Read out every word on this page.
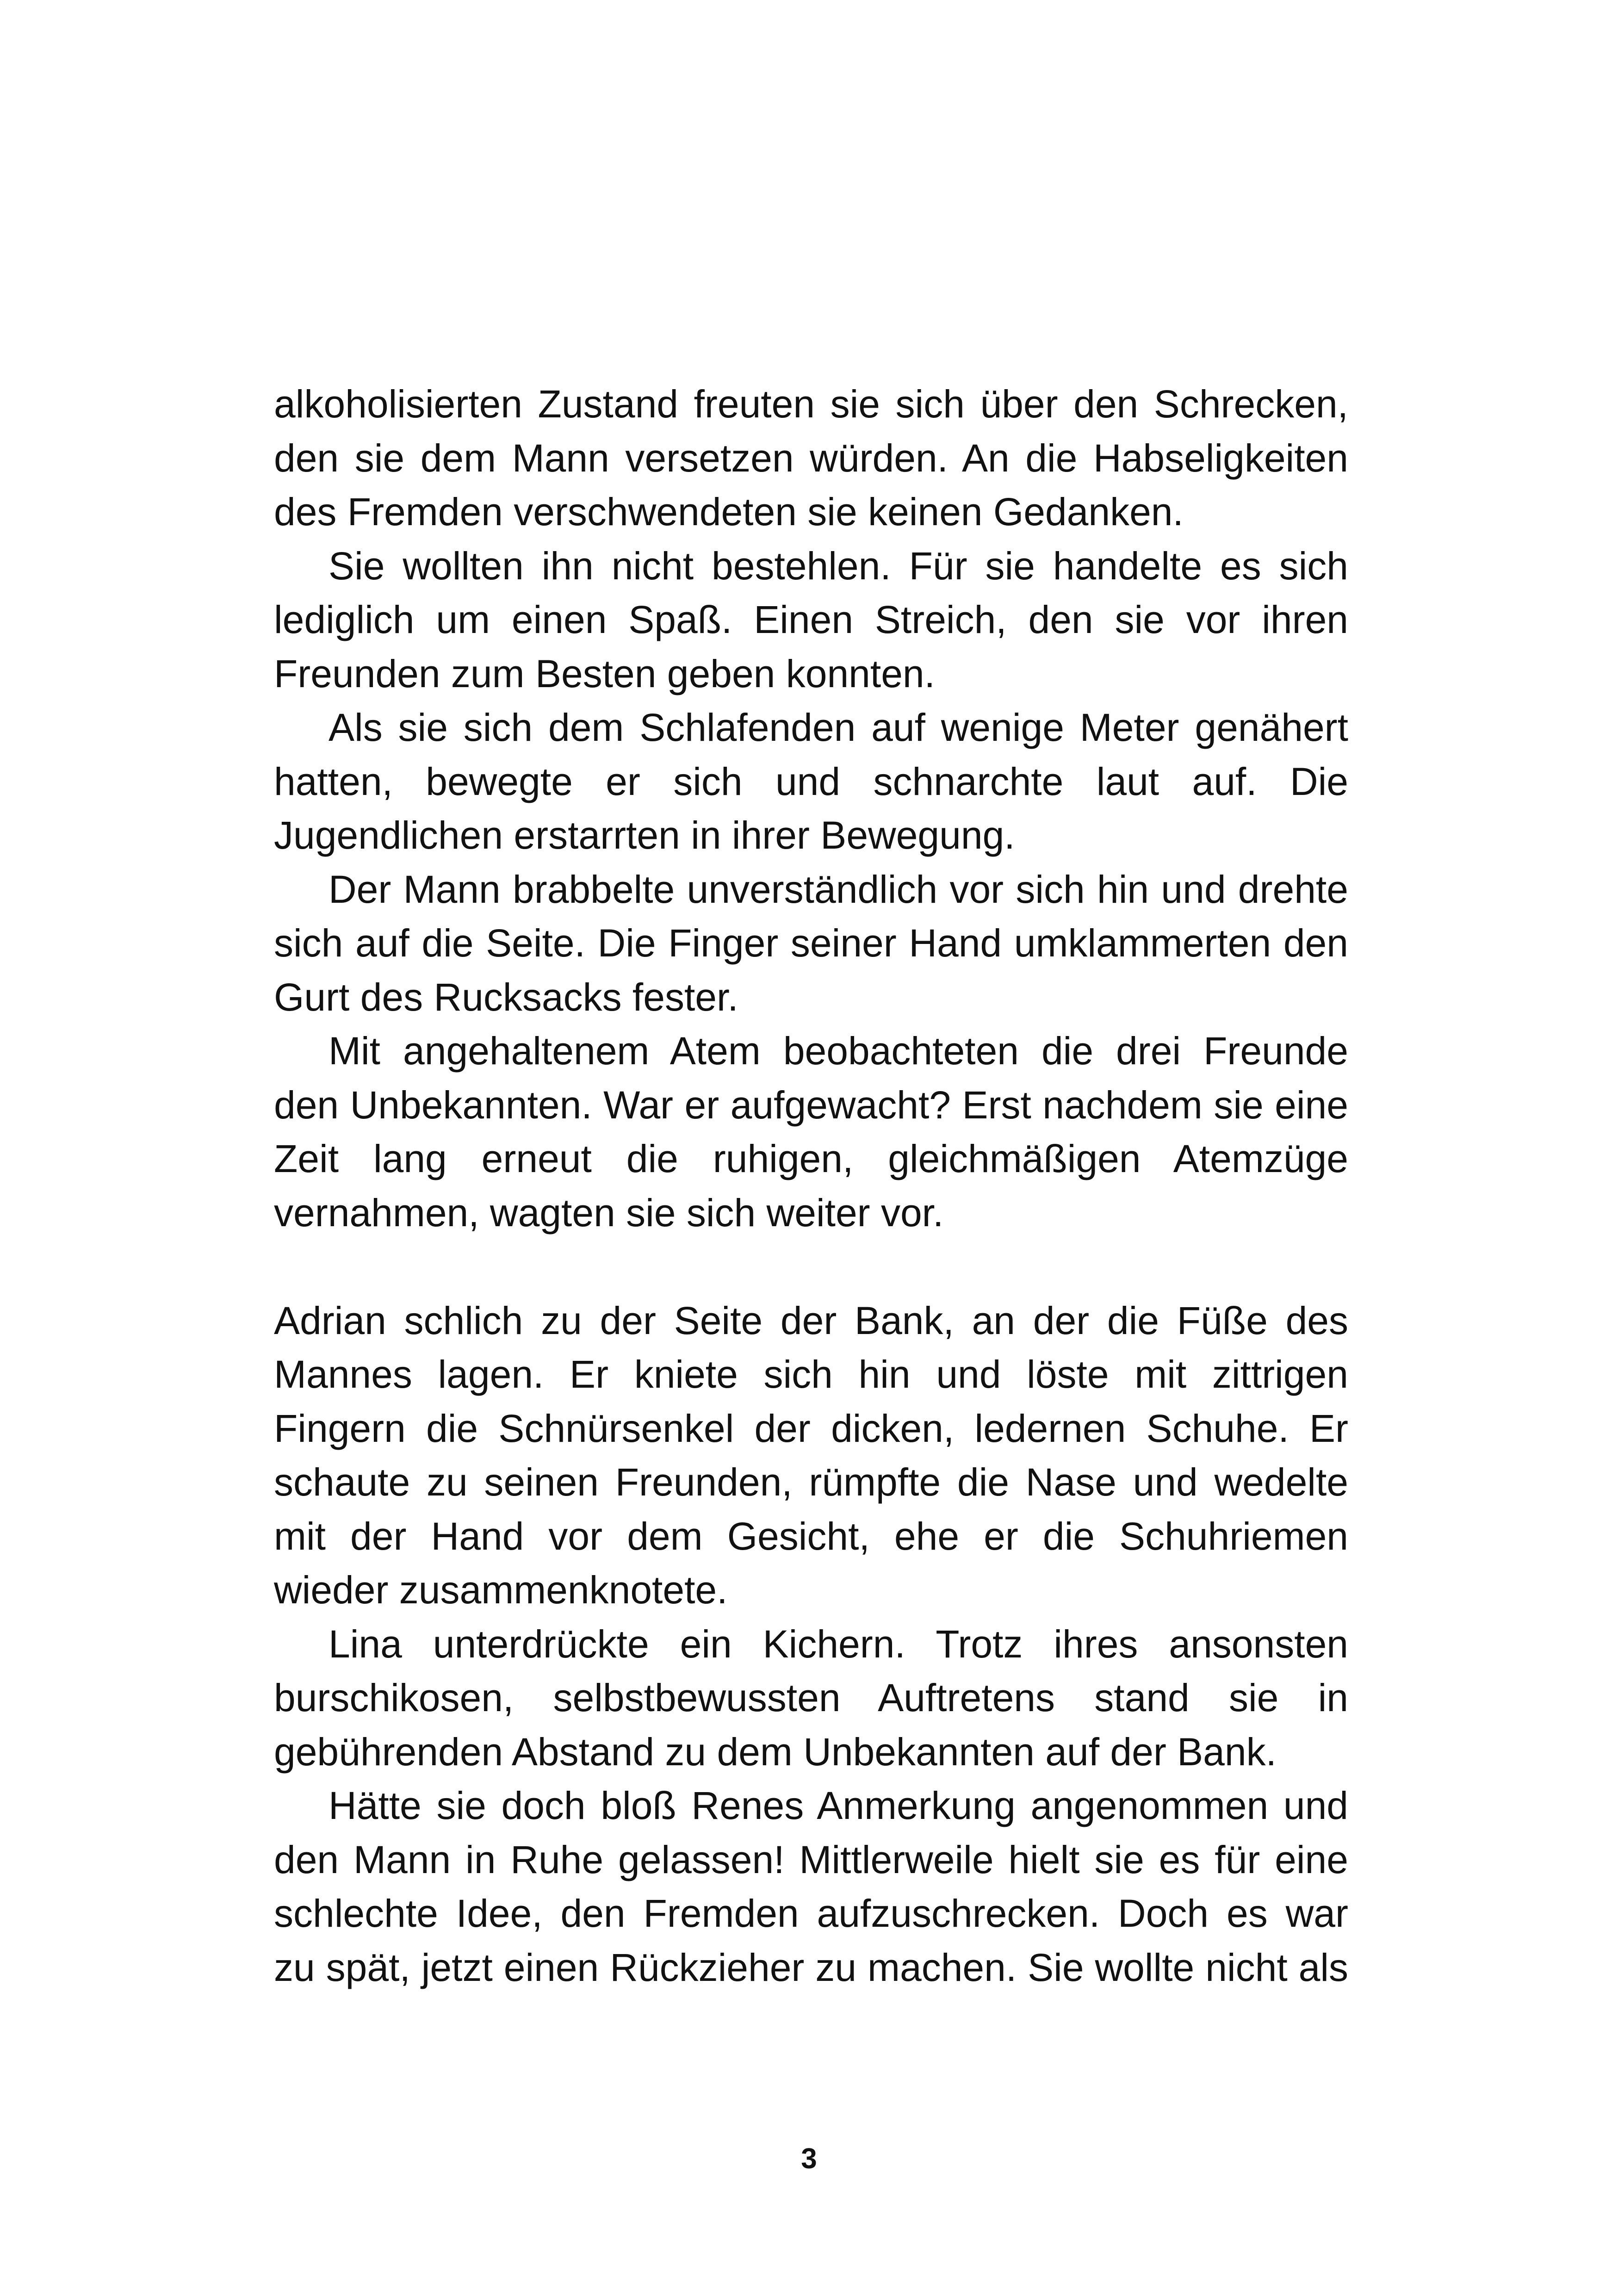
alkoholisierten Zustand freuten sie sich über den Schrecken, den sie dem Mann versetzen würden. An die Habseligkeiten des Fremden verschwendeten sie keinen Gedanken.

Sie wollten ihn nicht bestehlen. Für sie handelte es sich lediglich um einen Spaß. Einen Streich, den sie vor ihren Freunden zum Besten geben konnten.

Als sie sich dem Schlafenden auf wenige Meter genähert hatten, bewegte er sich und schnarchte laut auf. Die Jugendlichen erstarrten in ihrer Bewegung.

Der Mann brabbelte unverständlich vor sich hin und drehte sich auf die Seite. Die Finger seiner Hand umklammerten den Gurt des Rucksacks fester.

Mit angehaltenem Atem beobachteten die drei Freunde den Unbekannten. War er aufgewacht? Erst nachdem sie eine Zeit lang erneut die ruhigen, gleichmäßigen Atemzüge vernahmen, wagten sie sich weiter vor.

Adrian schlich zu der Seite der Bank, an der die Füße des Mannes lagen. Er kniete sich hin und löste mit zittrigen Fingern die Schnürsenkel der dicken, ledernen Schuhe. Er schaute zu seinen Freunden, rümpfte die Nase und wedelte mit der Hand vor dem Gesicht, ehe er die Schuhriemen wieder zusammenknotete.

Lina unterdrückte ein Kichern. Trotz ihres ansonsten burschikosen, selbstbewussten Auftretens stand sie in gebührenden Abstand zu dem Unbekannten auf der Bank.

Hätte sie doch bloß Renes Anmerkung angenommen und den Mann in Ruhe gelassen! Mittlerweile hielt sie es für eine schlechte Idee, den Fremden aufzuschrecken. Doch es war zu spät, jetzt einen Rückzieher zu machen. Sie wollte nicht als

3
